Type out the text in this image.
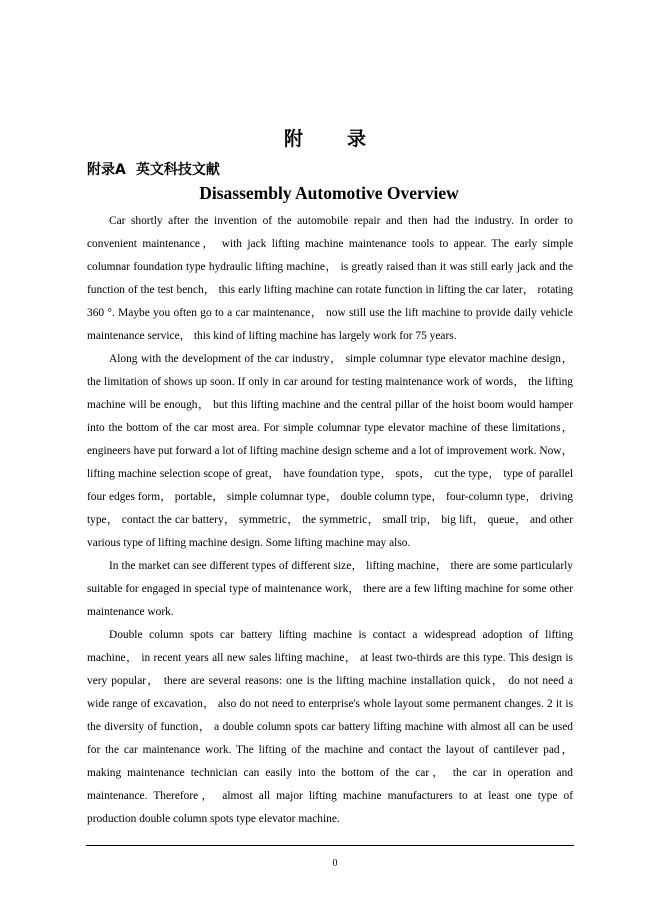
附 录
附录A 英文科技文献
Disassembly Automotive Overview

Car shortly after the invention of the automobile repair and then had the industry. In order to convenient maintenance， with jack lifting machine maintenance tools to appear. The early simple columnar foundation type hydraulic lifting machine， is greatly raised than it was still early jack and the function of the test bench， this early lifting machine can rotate function in lifting the car later， rotating 360 °. Maybe you often go to a car maintenance， now still use the lift machine to provide daily vehicle maintenance service， this kind of lifting machine has largely work for 75 years.

Along with the development of the car industry， simple columnar type elevator machine design， the limitation of shows up soon. If only in car around for testing maintenance work of words， the lifting machine will be enough， but this lifting machine and the central pillar of the hoist boom would hamper into the bottom of the car most area. For simple columnar type elevator machine of these limitations， engineers have put forward a lot of lifting machine design scheme and a lot of improvement work. Now， lifting machine selection scope of great， have foundation type， spots， cut the type， type of parallel four edges form， portable， simple columnar type， double column type， four-column type， driving type， contact the car battery， symmetric， the symmetric， small trip， big lift， queue， and other various type of lifting machine design. Some lifting machine may also.

In the market can see different types of different size， lifting machine， there are some particularly suitable for engaged in special type of maintenance work， there are a few lifting machine for some other maintenance work.

Double column spots car battery lifting machine is contact a widespread adoption of lifting machine， in recent years all new sales lifting machine， at least two-thirds are this type. This design is very popular， there are several reasons: one is the lifting machine installation quick， do not need a wide range of excavation， also do not need to enterprise's whole layout some permanent changes. 2 it is the diversity of function， a double column spots car battery lifting machine with almost all can be used for the car maintenance work. The lifting of the machine and contact the layout of cantilever pad， making maintenance technician can easily into the bottom of the car， the car in operation and maintenance. Therefore， almost all major lifting machine manufacturers to at least one type of production double column spots type elevator machine.

0
